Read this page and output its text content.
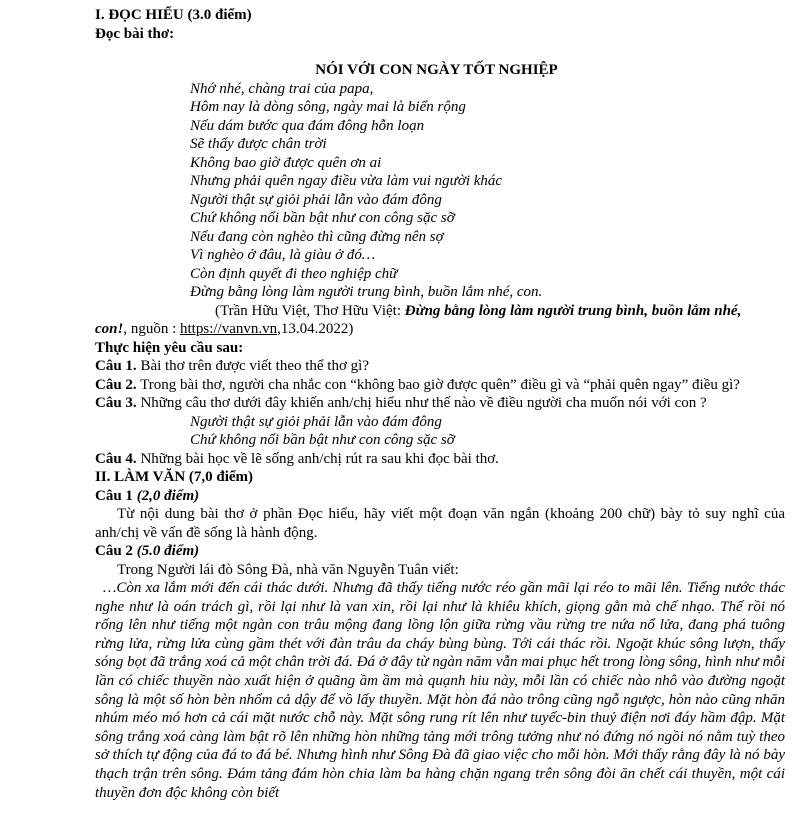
I. ĐỌC HIỂU (3.0 điểm)
Đọc bài thơ:
NÓI VỚI CON NGÀY TỐT NGHIỆP
Nhớ nhé, chàng trai của papa,
Hôm nay là dòng sông, ngày mai là biển rộng
Nếu dám bước qua đám đông hỗn loạn
Sẽ thấy được chân trời
Không bao giờ được quên ơn ai
Nhưng phải quên ngay điều vừa làm vui người khác
Người thật sự giỏi phải lẫn vào đám đông
Chứ không nổi bần bật như con công sặc sỡ
Nếu đang còn nghèo thì cũng đừng nên sợ
Vì nghèo ở đâu, là giàu ở đó…
Còn định quyết đi theo nghiệp chữ
Đừng bằng lòng làm người trung bình, buồn lắm nhé, con.
(Trần Hữu Việt, Thơ Hữu Việt: Đừng bằng lòng làm người trung bình, buồn lắm nhé,
con!, nguồn : https://vanvn.vn,13.04.2022)
Thực hiện yêu cầu sau:
Câu 1. Bài thơ trên được viết theo thể thơ gì?
Câu 2. Trong bài thơ, người cha nhắc con “không bao giờ được quên” điều gì và “phải quên ngay” điều gì?
Câu 3. Những câu thơ dưới đây khiến anh/chị hiểu như thế nào về điều người cha muốn nói với con ?
Người thật sự giỏi phải lẫn vào đám đông
Chứ không nổi bần bật như con công sặc sỡ
Câu 4. Những bài học về lẽ sống anh/chị rút ra sau khi đọc bài thơ.
II. LÀM VĂN (7,0 điểm)
Câu 1 (2,0 điểm)
Từ nội dung bài thơ ở phần Đọc hiểu, hãy viết một đoạn văn ngắn (khoảng 200 chữ) bày tỏ suy nghĩ của anh/chị về vấn đề sống là hành động.
Câu 2 (5.0 điểm)
Trong Người lái đò Sông Đà, nhà văn Nguyễn Tuân viết:
…Còn xa lắm mới đến cái thác dưới. Nhưng đã thấy tiếng nước réo gần mãi lại réo to mãi lên. Tiếng nước thác nghe như là oán trách gì, rồi lại như là van xin, rồi lại như là khiêu khích, giọng gằn mà chế nhạo. Thế rồi nó rống lên như tiếng một ngàn con trâu mộng đang lồng lộn giữa rừng vầu rừng tre nứa nổ lửa, đang phá tuông rừng lửa, rừng lửa cùng gầm thét với đàn trâu da cháy bùng bùng. Tới cái thác rồi. Ngoặt khúc sông lượn, thấy sóng bọt đã trắng xoá cả một chân trời đá. Đá ở đây từ ngàn năm vẫn mai phục hết trong lòng sông, hình như mỗi lần có chiếc thuyền nào xuất hiện ở quãng ầm ầm mà quạnh hiu này, mỗi lần có chiếc nào nhô vào đường ngoặt sông là một số hòn bèn nhổm cả dậy để vồ lấy thuyền. Mặt hòn đá nào trông cũng ngỗ ngược, hòn nào cũng nhăn nhúm méo mó hơn cả cái mặt nước chỗ này. Mặt sông rung rít lên như tuyếc-bin thuỷ điện nơi đáy hầm đập. Mặt sông trắng xoá càng làm bật rõ lên những hòn những tảng mới trông tưởng như nó đứng nó ngồi nó nằm tuỳ theo sở thích tự động của đá to đá bé. Nhưng hình như Sông Đà đã giao việc cho mỗi hòn. Mới thấy rằng đây là nó bày thạch trận trên sông. Đám tảng đám hòn chia làm ba hàng chặn ngang trên sông đòi ăn chết cái thuyền, một cái thuyền đơn độc không còn biết
